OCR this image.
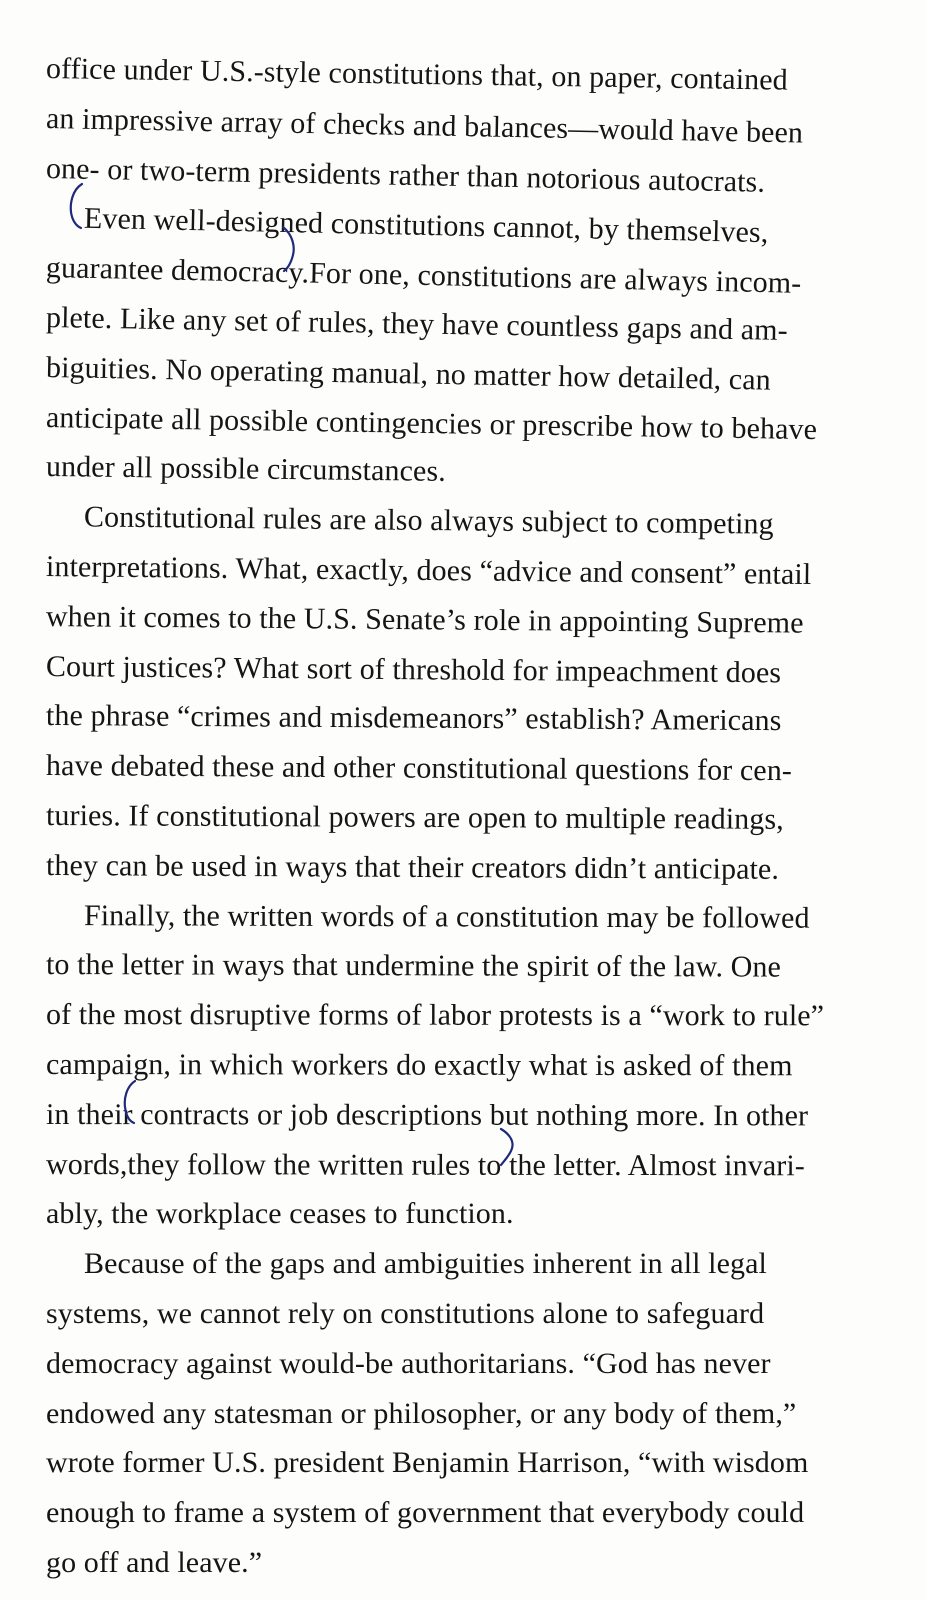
office under U.S.-style constitutions that, on paper, contained
an impressive array of checks and balances—would have been
one- or two-term presidents rather than notorious autocrats.
Even well-designed constitutions cannot, by themselves,
guarantee democracy.For one, constitutions are always incom-
plete. Like any set of rules, they have countless gaps and am-
biguities. No operating manual, no matter how detailed, can
anticipate all possible contingencies or prescribe how to behave
under all possible circumstances.
Constitutional rules are also always subject to competing
interpretations. What, exactly, does “advice and consent” entail
when it comes to the U.S. Senate’s role in appointing Supreme
Court justices? What sort of threshold for impeachment does
the phrase “crimes and misdemeanors” establish? Americans
have debated these and other constitutional questions for cen-
turies. If constitutional powers are open to multiple readings,
they can be used in ways that their creators didn’t anticipate.
Finally, the written words of a constitution may be followed
to the letter in ways that undermine the spirit of the law. One
of the most disruptive forms of labor protests is a “work to rule”
campaign, in which workers do exactly what is asked of them
in their contracts or job descriptions but nothing more. In other
words,they follow the written rules to the letter. Almost invari-
ably, the workplace ceases to function.
Because of the gaps and ambiguities inherent in all legal
systems, we cannot rely on constitutions alone to safeguard
democracy against would-be authoritarians. “God has never
endowed any statesman or philosopher, or any body of them,”
wrote former U.S. president Benjamin Harrison, “with wisdom
enough to frame a system of government that everybody could
go off and leave.”
